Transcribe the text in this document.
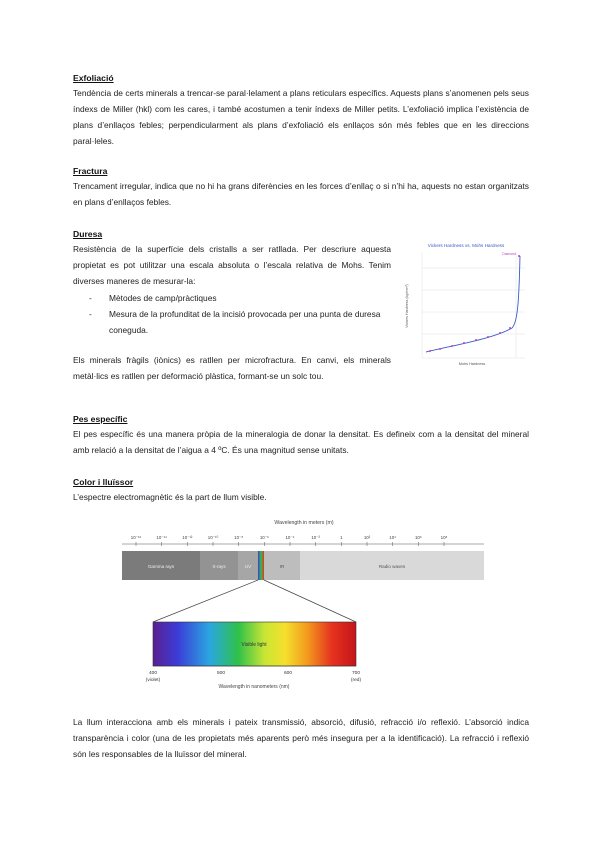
Exfoliació
Tendència de certs minerals a trencar-se paral·lelament a plans reticulars específics. Aquests plans s’anomenen pels seus índexs de Miller (hkl) com les cares, i també acostumen a tenir índexs de Miller petits. L’exfoliació implica l’existència de plans d’enllaços febles; perpendicularment als plans d’exfoliació els enllaços són més febles que en les direccions paral·leles.
Fractura
Trencament irregular, indica que no hi ha grans diferències en les forces d’enllaç o si n’hi ha, aquests no estan organitzats en plans d’enllaços febles.
Duresa
Resistència de la superfície dels cristalls a ser ratllada. Per descriure aquesta propietat es pot utilitzar una escala absoluta o l’escala relativa de Mohs. Tenim diverses maneres de mesurar-la:
- Mètodes de camp/pràctiques
- Mesura de la profunditat de la incisió provocada per una punta de duresa coneguda.
Els minerals fràgils (iònics) es ratllen per microfractura. En canvi, els minerals metàl·lics es ratllen per deformació plàstica, formant-se un solc tou.
Pes específic
El pes específic és una manera pròpia de la mineralogia de donar la densitat. Es defineix com a la densitat del mineral amb relació a la densitat de l’aigua a 4 ºC. És una magnitud sense unitats.
Color i lluïssor
L’espectre electromagnètic és la part de llum visible.
La llum interacciona amb els minerals i pateix transmissió, absorció, difusió, refracció i/o reflexió. L’absorció indica transparència i color (una de les propietats més aparents però més insegura per a la identificació). La refracció i reflexió són les responsables de la lluïssor del mineral.
Vickers Hardness vs. Mohs Hardness
Vickers Hardness (kg/mm²)
Mohs Hardness
Diamond
Wavelength in meters (m)
10⁻¹⁶	10⁻¹⁴	10⁻¹²	10⁻¹⁰	10⁻⁸	10⁻⁶	10⁻⁴	10⁻²	1	10²	10⁴	10⁶	10⁸
Gamma rays	X-rays	UV	IR	Radio waves
Visible light
400	500	600	700
(violet)	(red)
Wavelength in nanometers (nm)
